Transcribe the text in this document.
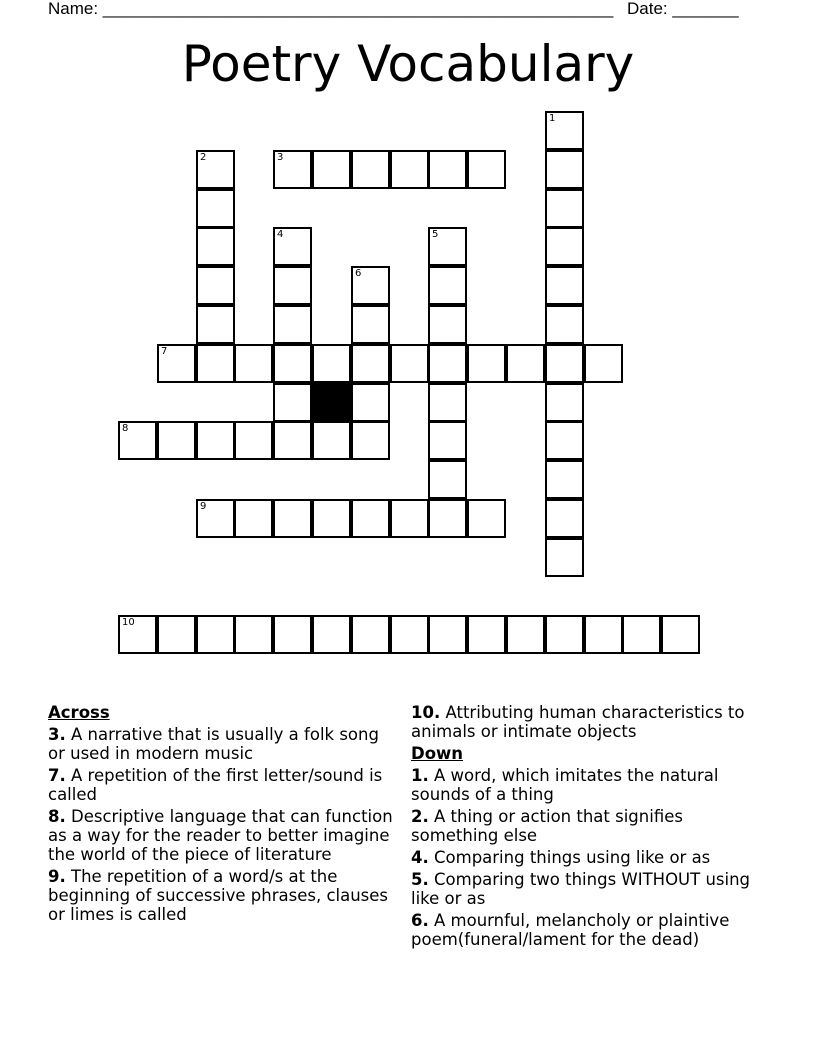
Name: ______________________________________________________ Date: _______
Poetry Vocabulary
1
2	3
4	5
6
7
8
9
10
Across
3. A narrative that is usually a folk song or used in modern music
7. A repetition of the first letter/sound is called
8. Descriptive language that can function as a way for the reader to better imagine the world of the piece of literature
9. The repetition of a word/s at the beginning of successive phrases, clauses or limes is called
10. Attributing human characteristics to animals or intimate objects
Down
1. A word, which imitates the natural sounds of a thing
2. A thing or action that signifies something else
4. Comparing things using like or as
5. Comparing two things WITHOUT using like or as
6. A mournful, melancholy or plaintive poem(funeral/lament for the dead)
